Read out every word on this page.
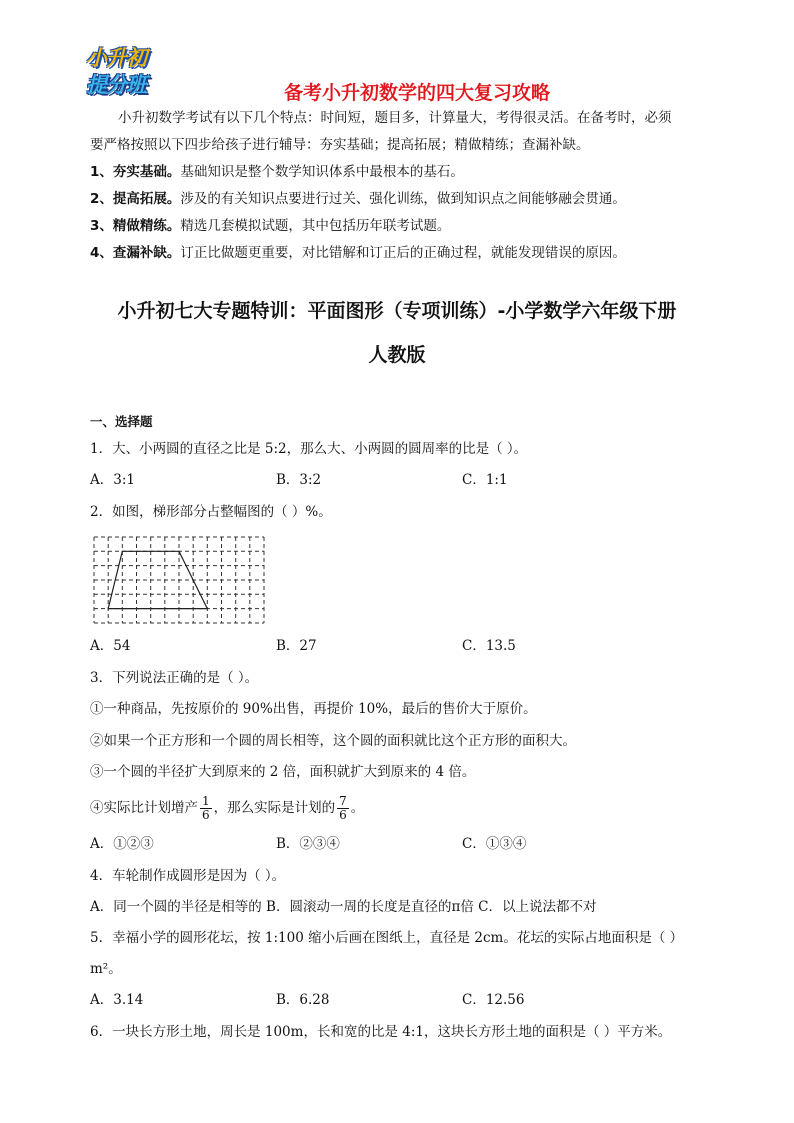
小升初
提分班	备考小升初数学的四大复习攻略
小升初数学考试有以下几个特点：时间短，题目多，计算量大，考得很灵活。在备考时，必须
要严格按照以下四步给孩子进行辅导：夯实基础；提高拓展；精做精练；查漏补缺。
1、夯实基础。基础知识是整个数学知识体系中最根本的基石。
2、提高拓展。涉及的有关知识点要进行过关、强化训练，做到知识点之间能够融会贯通。
3、精做精练。精选几套模拟试题，其中包括历年联考试题。
4、查漏补缺。订正比做题更重要，对比错解和订正后的正确过程，就能发现错误的原因。
小升初七大专题特训：平面图形（专项训练）-小学数学六年级下册
人教版
一、选择题
1．大、小两圆的直径之比是 5:2，那么大、小两圆的圆周率的比是（ ）。
A．3:1	B．3:2	C．1:1
2．如图，梯形部分占整幅图的（ ）%。
A．54	B．27	C．13.5
3．下列说法正确的是（ ）。
①一种商品，先按原价的 90%出售，再提价 10%，最后的售价大于原价。
②如果一个正方形和一个圆的周长相等，这个圆的面积就比这个正方形的面积大。
③一个圆的半径扩大到原来的 2 倍，面积就扩大到原来的 4 倍。
④实际比计划增产 $\frac{1}{6}$ ，那么实际是计划的 $\frac{7}{6}$ 。
A．①②③	B．②③④	C．①③④
4．车轮制作成圆形是因为（ ）。
A．同一个圆的半径是相等的 B．圆滚动一周的长度是直径的π倍 C．以上说法都不对
5．幸福小学的圆形花坛，按 1:100 缩小后画在图纸上，直径是 2cm。花坛的实际占地面积是（ ）
m²。
A．3.14	B．6.28	C．12.56
6．一块长方形土地，周长是 100m，长和宽的比是 4:1，这块长方形土地的面积是（ ）平方米。
